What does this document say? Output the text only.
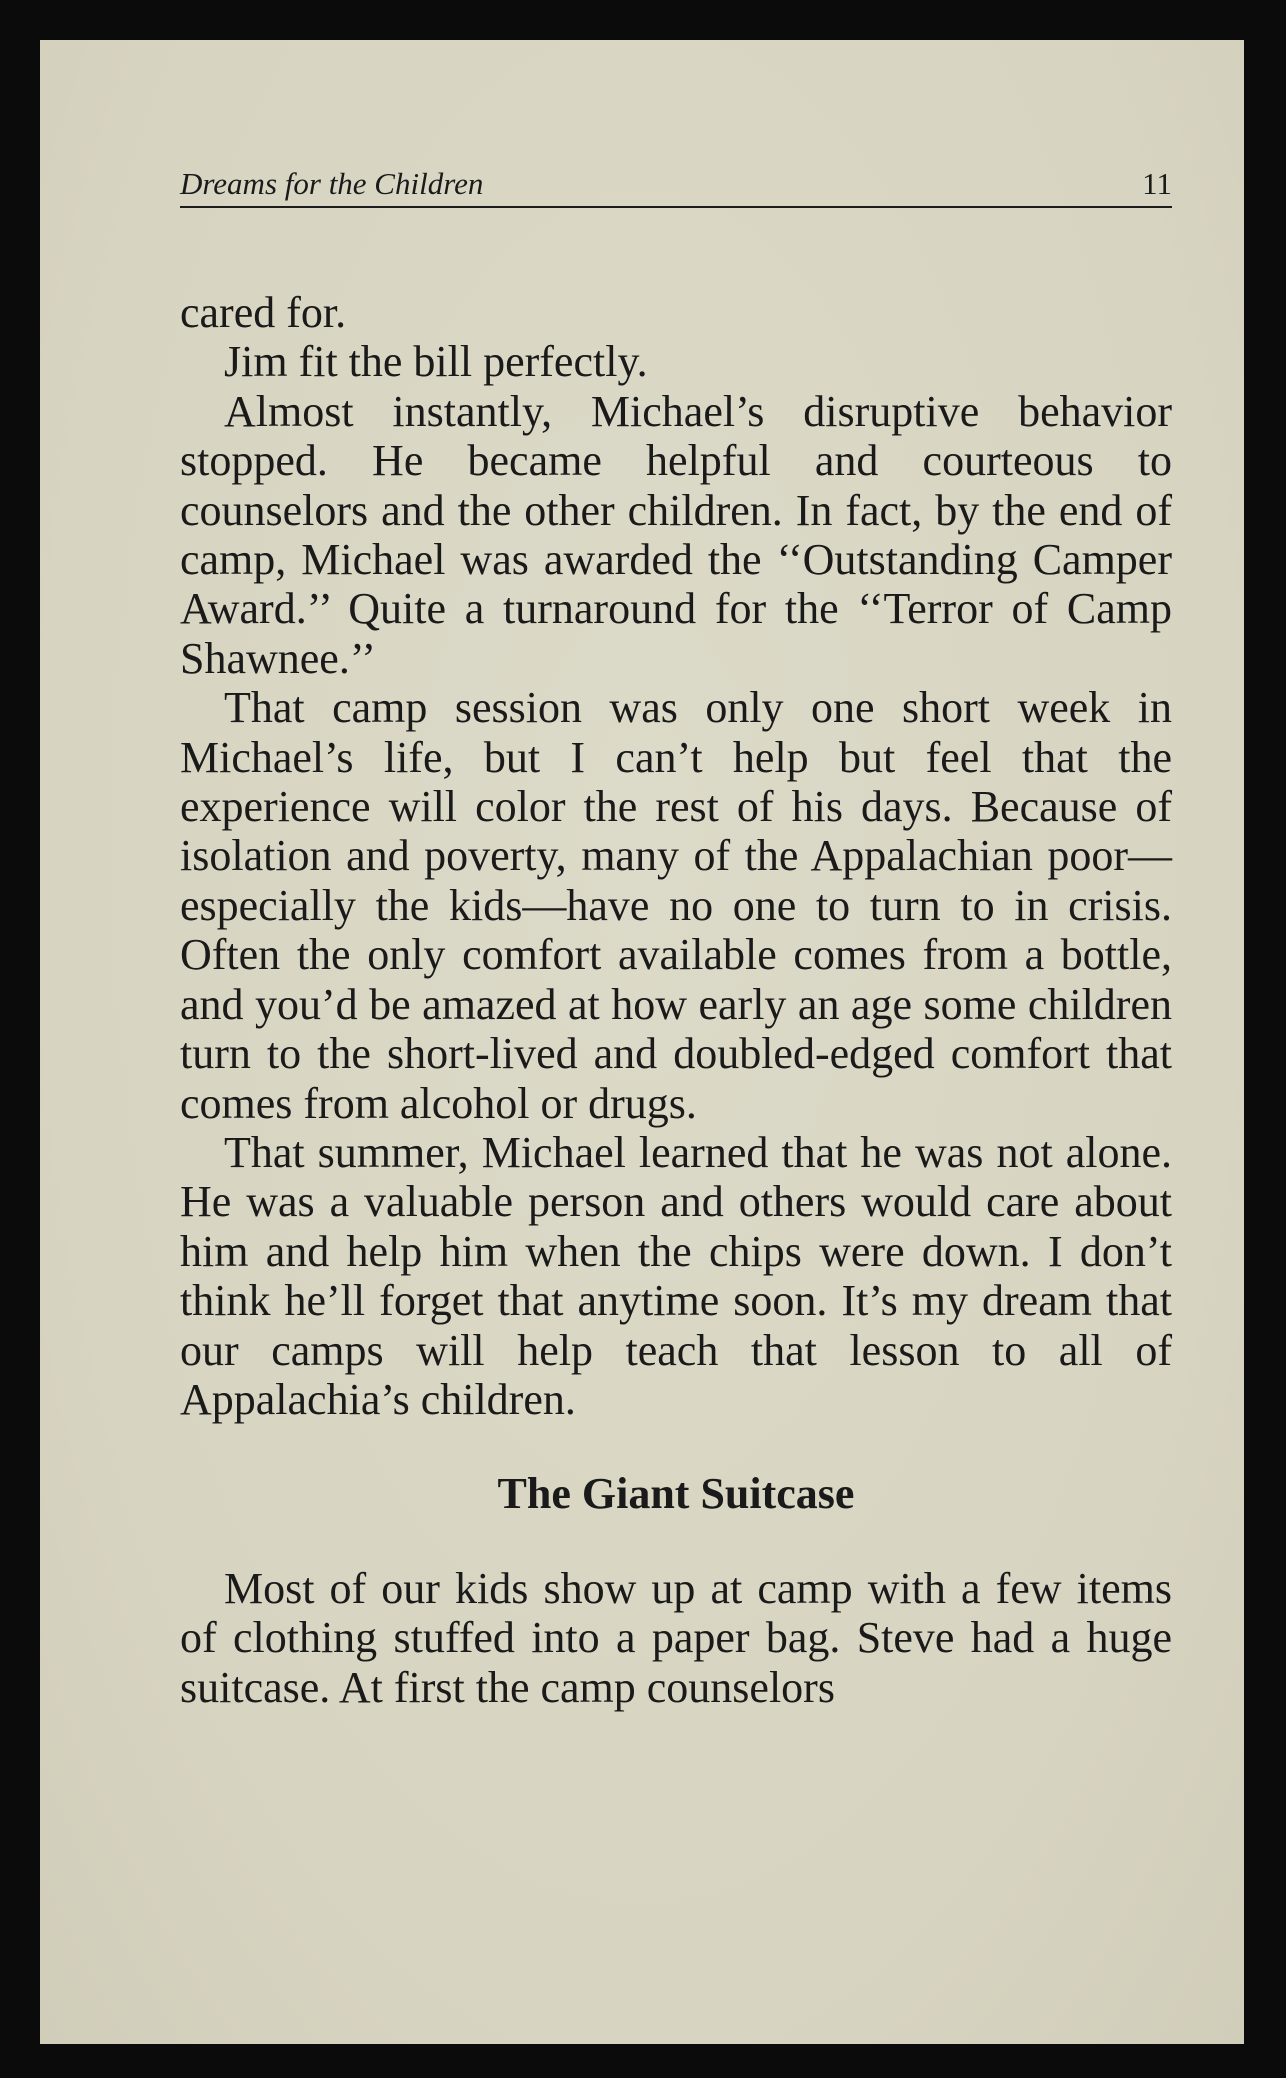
Dreams for the Children	11

cared for.

Jim fit the bill perfectly.

Almost instantly, Michael’s disruptive behavior stopped. He became helpful and courteous to counselors and the other children. In fact, by the end of camp, Michael was awarded the ‘‘Outstanding Camper Award.’’ Quite a turnaround for the ‘‘Terror of Camp Shawnee.’’

That camp session was only one short week in Michael’s life, but I can’t help but feel that the experience will color the rest of his days. Because of isolation and poverty, many of the Appalachian poor—especially the kids—have no one to turn to in crisis. Often the only comfort available comes from a bottle, and you’d be amazed at how early an age some children turn to the short-lived and doubled-edged comfort that comes from alcohol or drugs.

That summer, Michael learned that he was not alone. He was a valuable person and others would care about him and help him when the chips were down. I don’t think he’ll forget that anytime soon. It’s my dream that our camps will help teach that lesson to all of Appalachia’s children.

The Giant Suitcase

Most of our kids show up at camp with a few items of clothing stuffed into a paper bag. Steve had a huge suitcase. At first the camp counselors
